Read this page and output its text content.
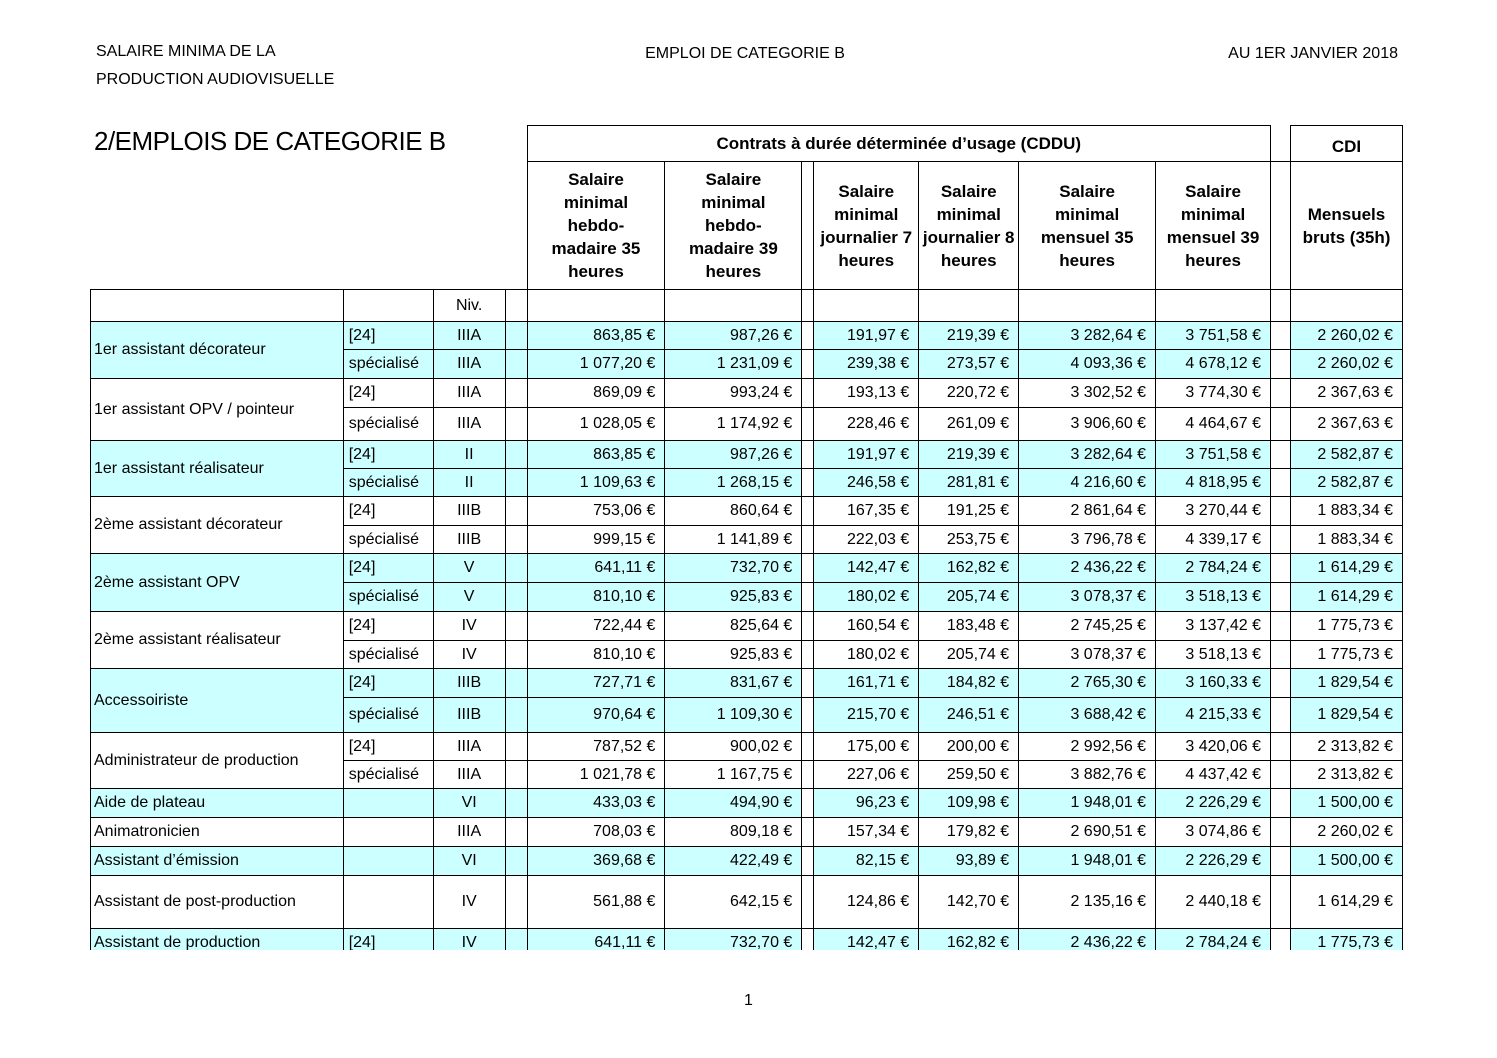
SALAIRE MINIMA DE LA
PRODUCTION AUDIOVISUELLE
EMPLOI DE CATEGORIE B	AU 1ER JANVIER 2018
2/EMPLOIS DE CATEGORIE B
				Contrats à durée déterminée d’usage (CDDU)								CDI
				Salaire minimal hebdo-madaire 35 heures	Salaire minimal hebdo-madaire 39 heures		Salaire minimal journalier 7 heures	Salaire minimal journalier 8 heures	Salaire minimal mensuel 35 heures	Salaire minimal mensuel 39 heures		Mensuels bruts (35h)
		Niv.										
1er assistant décorateur	[24]	IIIA		863,85 €	987,26 €		191,97 €	219,39 €	3 282,64 €	3 751,58 €		2 260,02 €
	spécialisé	IIIA		1 077,20 €	1 231,09 €		239,38 €	273,57 €	4 093,36 €	4 678,12 €		2 260,02 €
1er assistant OPV / pointeur	[24]	IIIA		869,09 €	993,24 €		193,13 €	220,72 €	3 302,52 €	3 774,30 €		2 367,63 €
	spécialisé	IIIA		1 028,05 €	1 174,92 €		228,46 €	261,09 €	3 906,60 €	4 464,67 €		2 367,63 €
1er assistant réalisateur	[24]	II		863,85 €	987,26 €		191,97 €	219,39 €	3 282,64 €	3 751,58 €		2 582,87 €
	spécialisé	II		1 109,63 €	1 268,15 €		246,58 €	281,81 €	4 216,60 €	4 818,95 €		2 582,87 €
2ème assistant décorateur	[24]	IIIB		753,06 €	860,64 €		167,35 €	191,25 €	2 861,64 €	3 270,44 €		1 883,34 €
	spécialisé	IIIB		999,15 €	1 141,89 €		222,03 €	253,75 €	3 796,78 €	4 339,17 €		1 883,34 €
2ème assistant OPV	[24]	V		641,11 €	732,70 €		142,47 €	162,82 €	2 436,22 €	2 784,24 €		1 614,29 €
	spécialisé	V		810,10 €	925,83 €		180,02 €	205,74 €	3 078,37 €	3 518,13 €		1 614,29 €
2ème assistant réalisateur	[24]	IV		722,44 €	825,64 €		160,54 €	183,48 €	2 745,25 €	3 137,42 €		1 775,73 €
	spécialisé	IV		810,10 €	925,83 €		180,02 €	205,74 €	3 078,37 €	3 518,13 €		1 775,73 €
Accessoiriste	[24]	IIIB		727,71 €	831,67 €		161,71 €	184,82 €	2 765,30 €	3 160,33 €		1 829,54 €
	spécialisé	IIIB		970,64 €	1 109,30 €		215,70 €	246,51 €	3 688,42 €	4 215,33 €		1 829,54 €
Administrateur de production	[24]	IIIA		787,52 €	900,02 €		175,00 €	200,00 €	2 992,56 €	3 420,06 €		2 313,82 €
	spécialisé	IIIA		1 021,78 €	1 167,75 €		227,06 €	259,50 €	3 882,76 €	4 437,42 €		2 313,82 €
Aide de plateau		VI		433,03 €	494,90 €		96,23 €	109,98 €	1 948,01 €	2 226,29 €		1 500,00 €
Animatronicien		IIIA		708,03 €	809,18 €		157,34 €	179,82 €	2 690,51 €	3 074,86 €		2 260,02 €
Assistant d’émission		VI		369,68 €	422,49 €		82,15 €	93,89 €	1 948,01 €	2 226,29 €		1 500,00 €
Assistant de post-production		IV		561,88 €	642,15 €		124,86 €	142,70 €	2 135,16 €	2 440,18 €		1 614,29 €
Assistant de production	[24]	IV		641,11 €	732,70 €		142,47 €	162,82 €	2 436,22 €	2 784,24 €		1 775,73 €
1
